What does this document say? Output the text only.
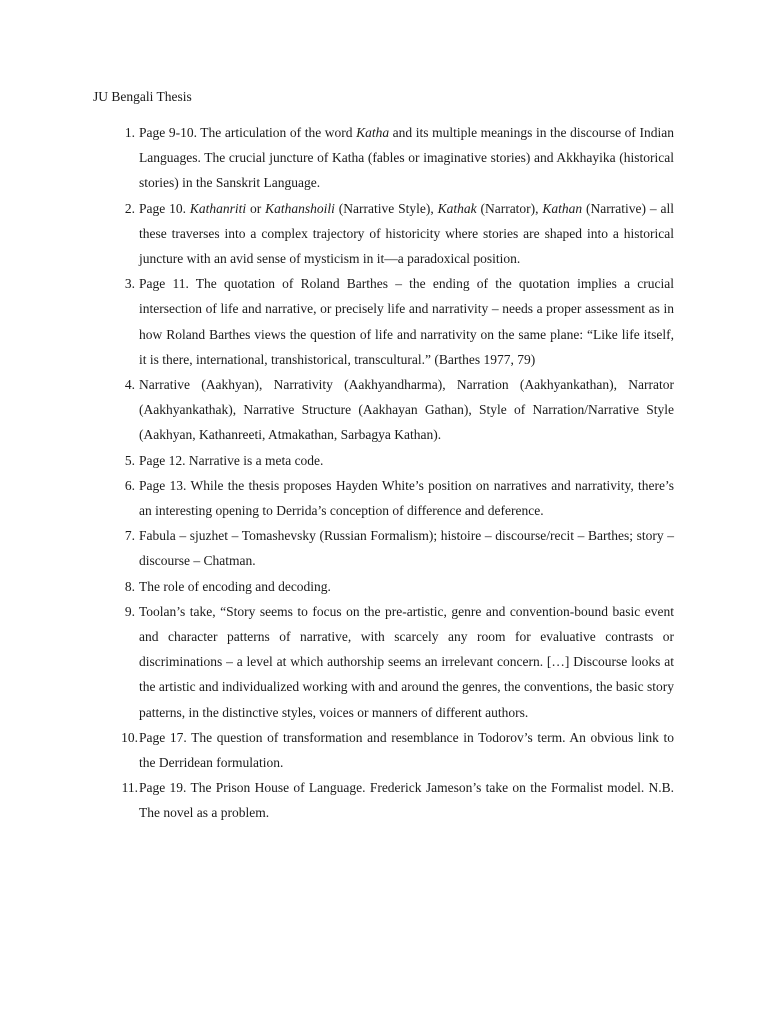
JU Bengali Thesis
1. Page 9-10. The articulation of the word Katha and its multiple meanings in the discourse of Indian Languages. The crucial juncture of Katha (fables or imaginative stories) and Akkhayika (historical stories) in the Sanskrit Language.
2. Page 10. Kathanriti or Kathanshoili (Narrative Style), Kathak (Narrator), Kathan (Narrative) – all these traverses into a complex trajectory of historicity where stories are shaped into a historical juncture with an avid sense of mysticism in it—a paradoxical position.
3. Page 11. The quotation of Roland Barthes – the ending of the quotation implies a crucial intersection of life and narrative, or precisely life and narrativity – needs a proper assessment as in how Roland Barthes views the question of life and narrativity on the same plane: “Like life itself, it is there, international, transhistorical, transcultural.” (Barthes 1977, 79)
4. Narrative (Aakhyan), Narrativity (Aakhyandharma), Narration (Aakhyankathan), Narrator (Aakhyankathak), Narrative Structure (Aakhayan Gathan), Style of Narration/Narrative Style (Aakhyan, Kathanreeti, Atmakathan, Sarbagya Kathan).
5. Page 12. Narrative is a meta code.
6. Page 13. While the thesis proposes Hayden White’s position on narratives and narrativity, there’s an interesting opening to Derrida’s conception of difference and deference.
7. Fabula – sjuzhet – Tomashevsky (Russian Formalism); histoire – discourse/recit – Barthes; story – discourse – Chatman.
8. The role of encoding and decoding.
9. Toolan’s take, “Story seems to focus on the pre-artistic, genre and convention-bound basic event and character patterns of narrative, with scarcely any room for evaluative contrasts or discriminations – a level at which authorship seems an irrelevant concern. […] Discourse looks at the artistic and individualized working with and around the genres, the conventions, the basic story patterns, in the distinctive styles, voices or manners of different authors.
10. Page 17. The question of transformation and resemblance in Todorov’s term. An obvious link to the Derridean formulation.
11. Page 19. The Prison House of Language. Frederick Jameson’s take on the Formalist model. N.B. The novel as a problem.
